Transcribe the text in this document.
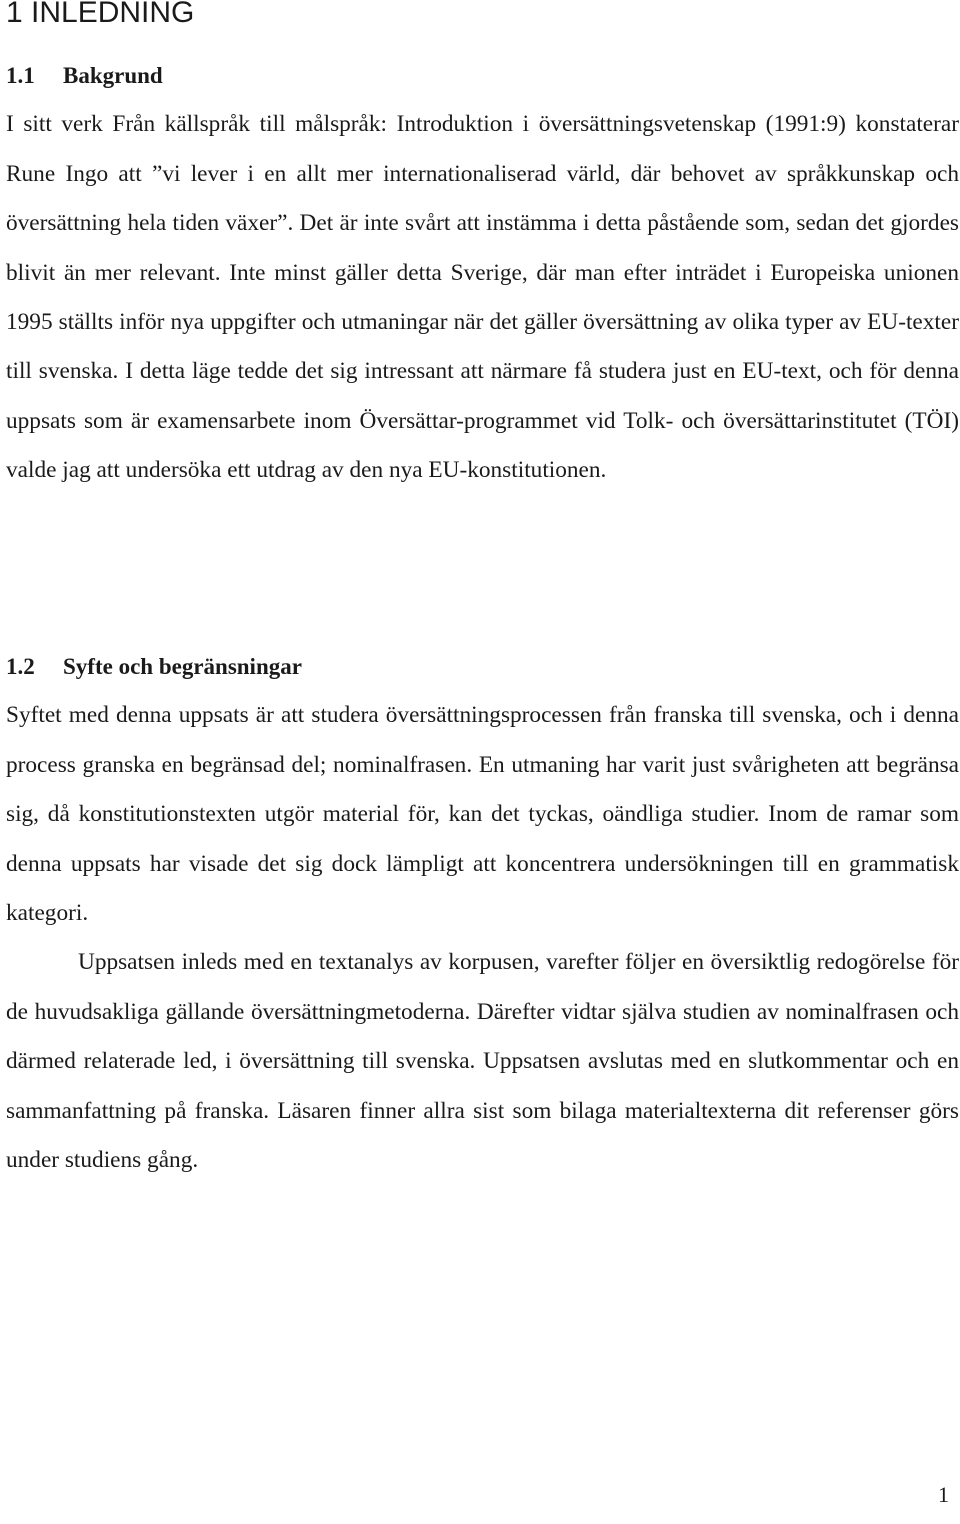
1 INLEDNING
1.1 Bakgrund

I sitt verk Från källspråk till målspråk: Introduktion i översättningsvetenskap (1991:9) konstaterar Rune Ingo att ”vi lever i en allt mer internationaliserad värld, där behovet av språkkunskap och översättning hela tiden växer”. Det är inte svårt att instämma i detta påstående som, sedan det gjordes blivit än mer relevant. Inte minst gäller detta Sverige, där man efter inträdet i Europeiska unionen 1995 ställts inför nya uppgifter och utmaningar när det gäller översättning av olika typer av EU-texter till svenska. I detta läge tedde det sig intressant att närmare få studera just en EU-text, och för denna uppsats som är examensarbete inom Översättar-programmet vid Tolk- och översättarinstitutet (TÖI) valde jag att undersöka ett utdrag av den nya EU-konstitutionen.

1.2 Syfte och begränsningar

Syftet med denna uppsats är att studera översättningsprocessen från franska till svenska, och i denna process granska en begränsad del; nominalfrasen. En utmaning har varit just svårigheten att begränsa sig, då konstitutionstexten utgör material för, kan det tyckas, oändliga studier. Inom de ramar som denna uppsats har visade det sig dock lämpligt att koncentrera undersökningen till en grammatisk kategori.

Uppsatsen inleds med en textanalys av korpusen, varefter följer en översiktlig redogörelse för de huvudsakliga gällande översättningmetoderna. Därefter vidtar själva studien av nominalfrasen och därmed relaterade led, i översättning till svenska. Uppsatsen avslutas med en slutkommentar och en sammanfattning på franska. Läsaren finner allra sist som bilaga materialtexterna dit referenser görs under studiens gång.

1
